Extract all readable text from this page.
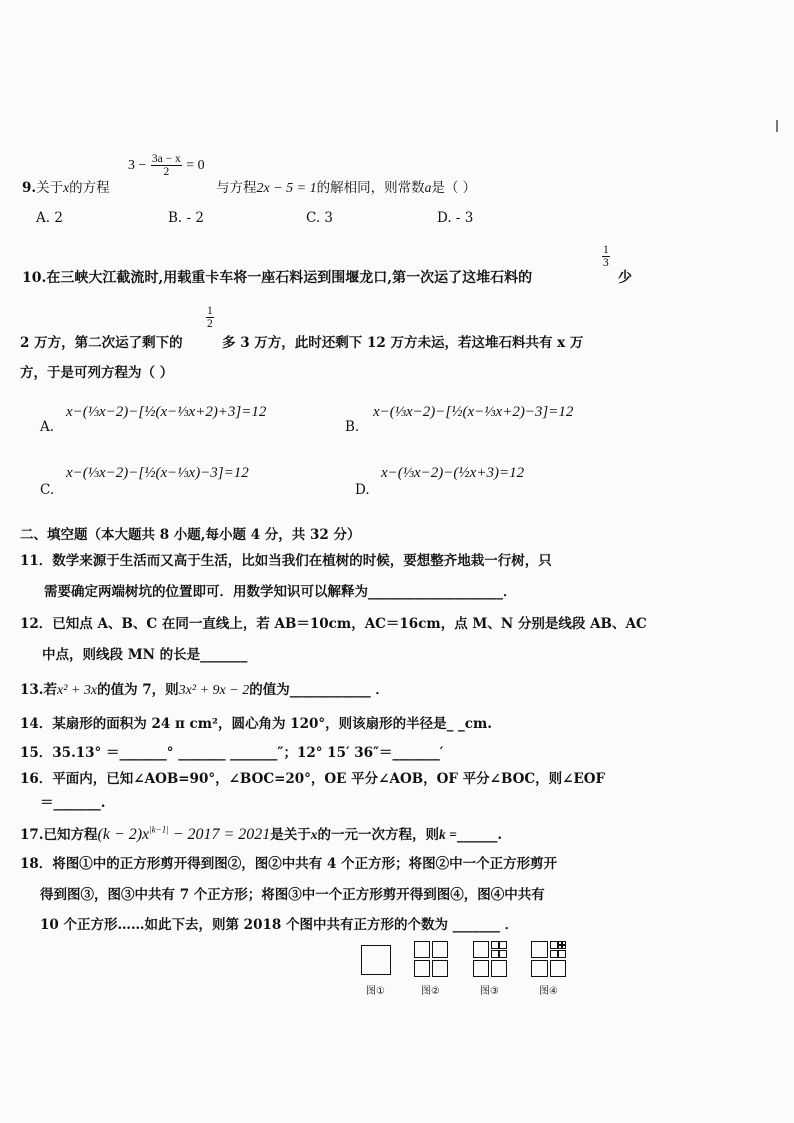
9.关于x的方程
$3 - \frac{3a - x}{2} = 0$
与方程2x − 5 = 1的解相同，则常数a是（ ）
A. 2	B. - 2	C. 3	D. - 3
10.在三峡大江截流时,用载重卡车将一座石料运到围堰龙口,第一次运了这堆石料的
$\frac{1}{3}$
少
2 万方，第二次运了剩下的
$\frac{1}{2}$
多 3 万方，此时还剩下 12 万方未运，若这堆石料共有 x 万
方，于是可列方程为（ ）
A.
x−(⅓x−2)−[½(x−⅓x+2)+3]=12
B.
x−(⅓x−2)−[½(x−⅓x+2)−3]=12
C.
x−(⅓x−2)−[½(x−⅓x)−3]=12
D.
x−(⅓x−2)−(½x+3)=12
二、填空题（本大题共 8 小题,每小题 4 分，共 32 分）
11．数学来源于生活而又高于生活，比如当我们在植树的时候，要想整齐地栽一行树，只
需要确定两端树坑的位置即可．用数学知识可以解释为____________________．
12．已知点 A、B、C 在同一直线上，若 AB＝10cm，AC＝16cm，点 M、N 分别是线段 AB、AC
中点，则线段 MN 的长是_______
13.若x² + 3x的值为 7，则3x² + 9x − 2的值为____________ ．
14．某扇形的面积为 24 π cm²，圆心角为 120°，则该扇形的半径是_ _cm.
15．35.13° ＝_______° _______ _______″；12° 15′ 36″＝_______′
16．平面内，已知∠AOB=90°，∠BOC=20°，OE 平分∠AOB，OF 平分∠BOC，则∠EOF
＝_______.
17.已知方程$(k - 2)x^{|k-1|} - 2017 = 2021$是关于x的一元一次方程，则k =______.
18．将图①中的正方形剪开得到图②，图②中共有 4 个正方形；将图②中一个正方形剪开
得到图③，图③中共有 7 个正方形；将图③中一个正方形剪开得到图④，图④中共有
10 个正方形……如此下去，则第 2018 个图中共有正方形的个数为 _______ ．
图①	图②	图③	图④
